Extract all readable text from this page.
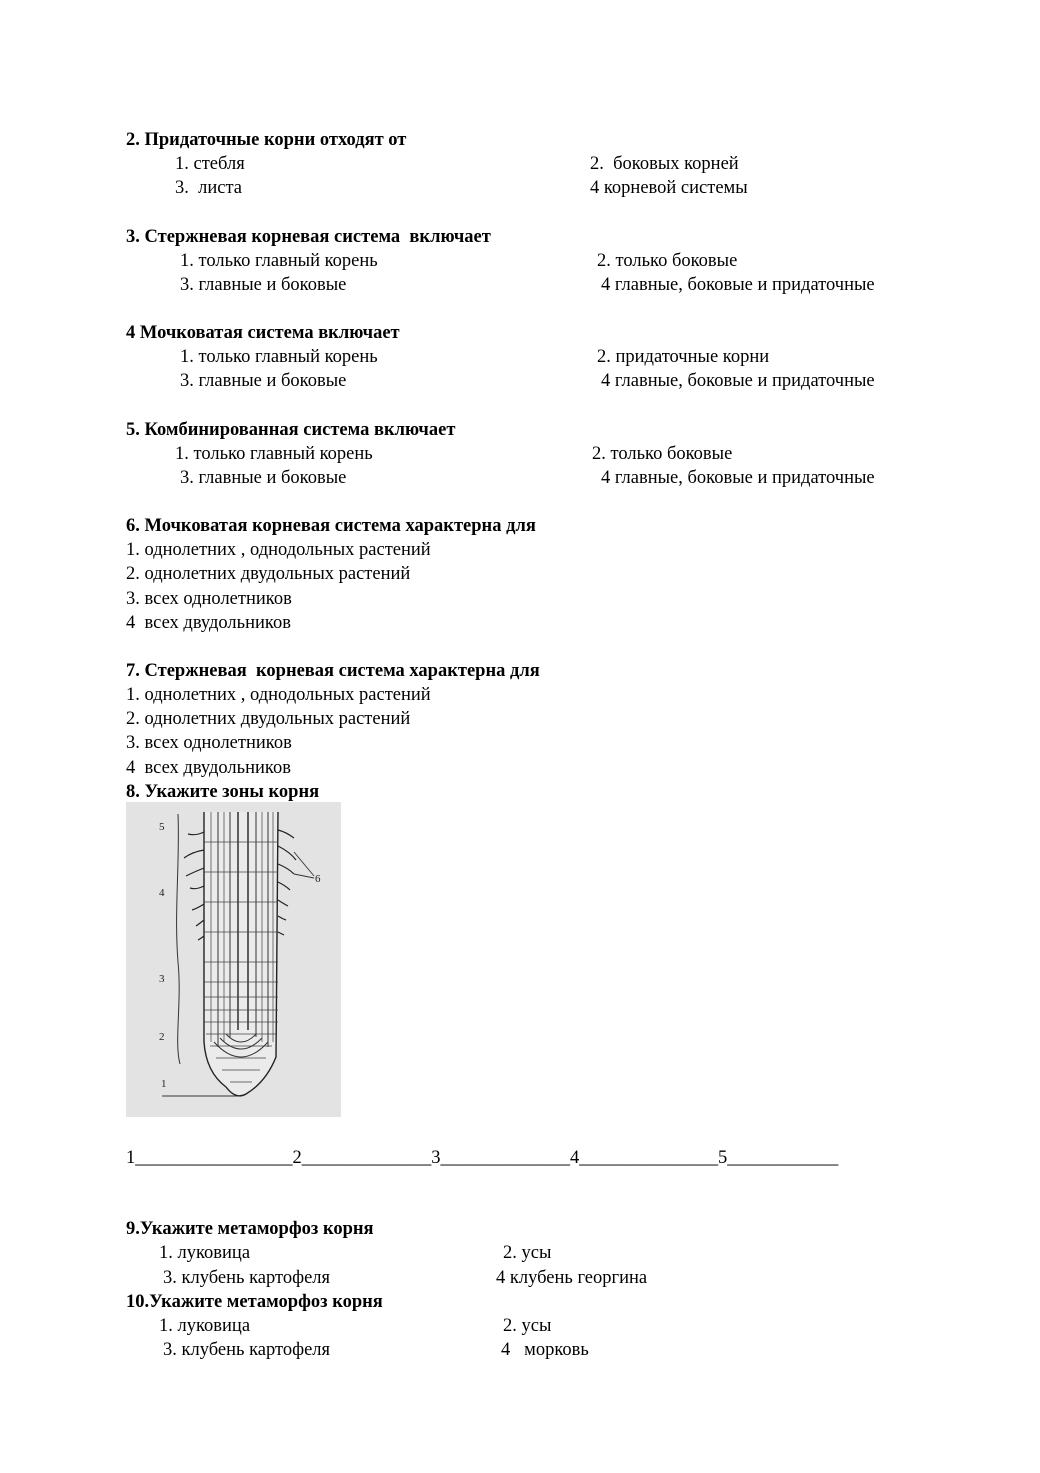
2. Придаточные корни отходят от
1. стебля	2.  боковых корней
3.  листа	4 корневой системы
3. Стержневая корневая система  включает
1. только главный корень	2. только боковые
3. главные и боковые	4 главные, боковые и придаточные
4 Мочковатая система включает
1. только главный корень	2. придаточные корни
3. главные и боковые	4 главные, боковые и придаточные
5. Комбинированная система включает
1. только главный корень	2. только боковые
3. главные и боковые	4 главные, боковые и придаточные
6. Мочковатая корневая система характерна для
1. однолетних , однодольных растений
2. однолетних двудольных растений
3. всех однолетников
4  всех двудольников
7. Стержневая  корневая система характерна для
1. однолетних , однодольных растений
2. однолетних двудольных растений
3. всех однолетников
4  всех двудольников
8. Укажите зоны корня
5
4
3
2
1
6
1_________________2______________3______________4_______________5____________
9.Укажите метаморфоз корня
1. луковица	2. усы
3. клубень картофеля	4 клубень георгина
10.Укажите метаморфоз корня
1. луковица	2. усы
3. клубень картофеля	4   морковь
